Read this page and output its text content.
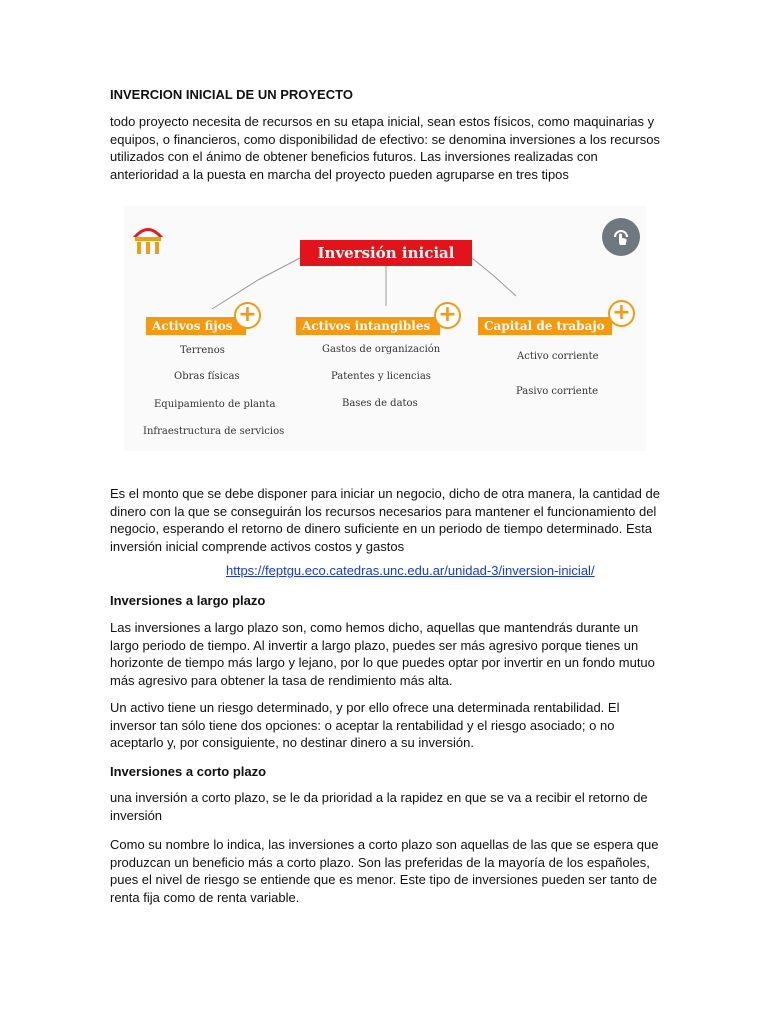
INVERCION INICIAL DE UN PROYECTO

todo proyecto necesita de recursos en su etapa inicial, sean estos físicos, como maquinarias y equipos, o financieros, como disponibilidad de efectivo: se denomina inversiones a los recursos utilizados con el ánimo de obtener beneficios futuros. Las inversiones realizadas con anterioridad a la puesta en marcha del proyecto pueden agruparse en tres tipos

Inversión inicial
Activos fijos	Activos intangibles	Capital de trabajo
+	+	+
Terrenos
Obras físicas
Equipamiento de planta
Infraestructura de servicios
Gastos de organización
Patentes y licencias
Bases de datos
Activo corriente
Pasivo corriente

Es el monto que se debe disponer para iniciar un negocio, dicho de otra manera, la cantidad de dinero con la que se conseguirán los recursos necesarios para mantener el funcionamiento del negocio, esperando el retorno de dinero suficiente en un periodo de tiempo determinado. Esta inversión inicial comprende activos costos y gastos

https://feptgu.eco.catedras.unc.edu.ar/unidad-3/inversion-inicial/

Inversiones a largo plazo

Las inversiones a largo plazo son, como hemos dicho, aquellas que mantendrás durante un largo periodo de tiempo. Al invertir a largo plazo, puedes ser más agresivo porque tienes un horizonte de tiempo más largo y lejano, por lo que puedes optar por invertir en un fondo mutuo más agresivo para obtener la tasa de rendimiento más alta.

Un activo tiene un riesgo determinado, y por ello ofrece una determinada rentabilidad. El inversor tan sólo tiene dos opciones: o aceptar la rentabilidad y el riesgo asociado; o no aceptarlo y, por consiguiente, no destinar dinero a su inversión.

Inversiones a corto plazo

una inversión a corto plazo, se le da prioridad a la rapidez en que se va a recibir el retorno de inversión

Como su nombre lo indica, las inversiones a corto plazo son aquellas de las que se espera que produzcan un beneficio más a corto plazo. Son las preferidas de la mayoría de los españoles, pues el nivel de riesgo se entiende que es menor. Este tipo de inversiones pueden ser tanto de renta fija como de renta variable.
